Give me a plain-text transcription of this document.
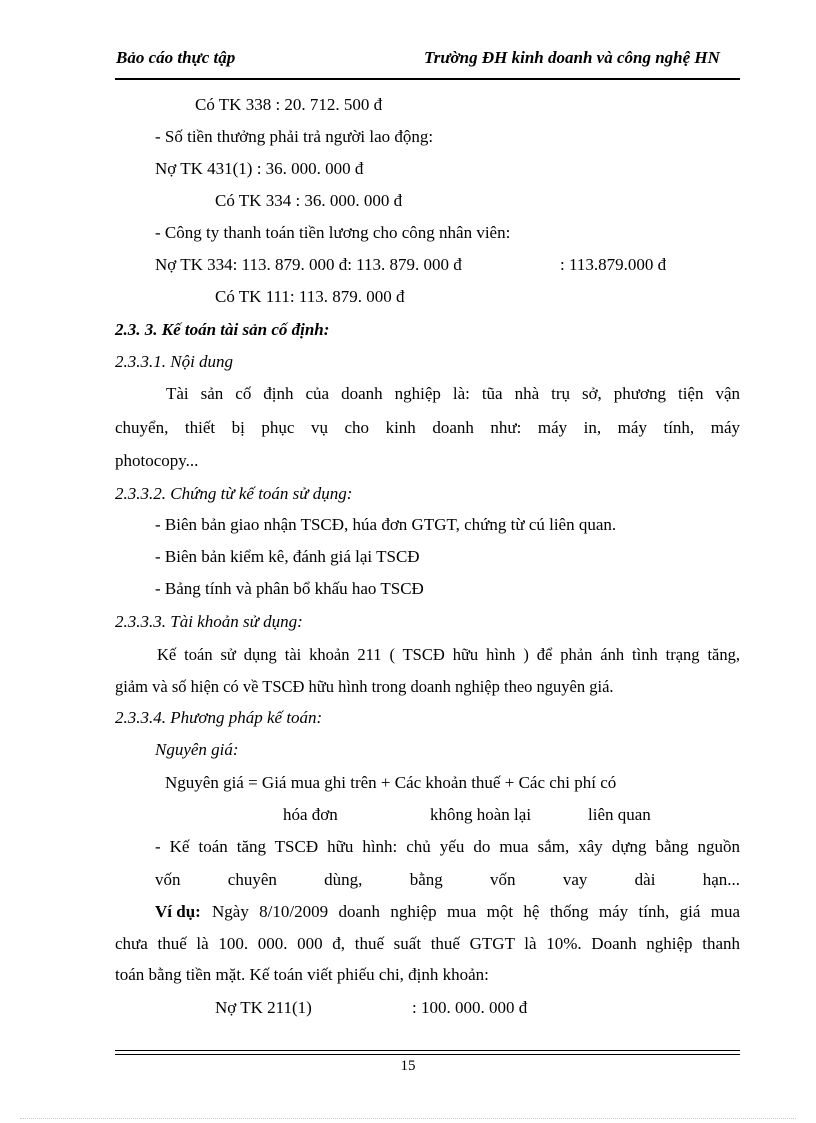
Bảo cáo thực tập	Trường ĐH kinh doanh và công nghệ HN
Có TK 338 : 20. 712. 500 đ
- Số tiền thưởng phải trả người lao động:
Nợ TK 431(1) : 36. 000. 000 đ
Có TK 334 : 36. 000. 000 đ
- Công ty thanh toán tiền lương cho công nhân viên:
Nợ TK 334: 113. 879. 000 đ: 113. 879. 000 đ	: 113.879.000 đ
Có TK 111: 113. 879. 000 đ
2.3. 3. Kế toán tài sản cố định:
2.3.3.1. Nội dung
Tài sản cố định của doanh nghiệp là: tũa nhà trụ sở, phương tiện vận
chuyển, thiết bị phục vụ cho kinh doanh như: máy in, máy tính, máy
photocopy...
2.3.3.2. Chứng từ kế toán sử dụng:
- Biên bản giao nhận TSCĐ, húa đơn GTGT, chứng từ cú liên quan.
- Biên bản kiểm kê, đánh giá lại TSCĐ
- Bảng tính và phân bổ khấu hao TSCĐ
2.3.3.3. Tài khoản sử dụng:
Kế toán sử dụng tài khoản 211 ( TSCĐ hữu hình ) để phản ánh tình trạng tăng,
giảm và số hiện có về TSCĐ hữu hình trong doanh nghiệp theo nguyên giá.
2.3.3.4. Phương pháp kế toán:
Nguyên giá:
Nguyên giá = Giá mua ghi trên + Các khoản thuế + Các chi phí có
hóa đơn	không hoàn lại	liên quan
- Kế toán tăng TSCĐ hữu hình: chủ yếu do mua sắm, xây dựng bằng nguồn
vốn chuyên dùng, bằng vốn vay dài hạn...
Ví dụ: Ngày 8/10/2009 doanh nghiệp mua một hệ thống máy tính, giá mua
chưa thuế là 100. 000. 000 đ, thuế suất thuế GTGT là 10%. Doanh nghiệp thanh
toán bằng tiền mặt. Kế toán viết phiếu chi, định khoản:
Nợ TK 211(1)	: 100. 000. 000 đ
15
